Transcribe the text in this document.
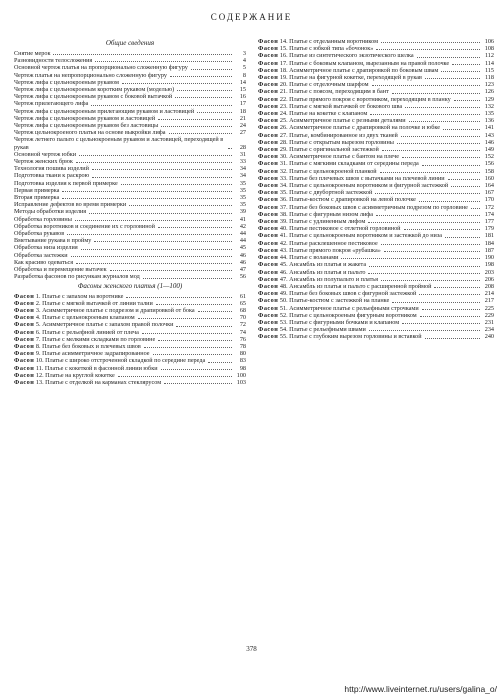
СОДЕРЖАНИЕ
Общие сведения
Снятие мерок	3
Разновидности телосложения	4
Основной чертеж платья на пропорционально сложенную фигуру	5
Чертеж платья на непропорционально сложенную фигуру	8
Чертеж лифа с цельнокроеным рукавом	14
Чертеж лифа с цельнокроеным коротким рукавом (моделью)	15
Чертеж лифа с цельнокроеным рукавом с боковой вытачкой	16
Чертеж прилегающего лифа	17
Чертеж лифа с цельнокроеным прилегающим рукавом и ластовицей	18
Чертеж лифа с цельнокроеным рукавом и ластовицей	21
Чертеж лифа с цельнокроеным рукавом без ластовицы	24
Чертеж цельнокроеного платья на основе выкройки лифа	27
Чертеж летнего пальто с цельнокроеным рукавом и ластовицей, переходящей в рукав	28
Основной чертеж юбки	31
Чертеж женских брюк	33
Технология пошива изделий	34
Подготовка ткани к раскрою	34
Подготовка изделия к первой примерке	35
Первая примерка	35
Вторая примерка	35
Исправление дефектов во время примерки	35
Методы обработки изделия	39
Обработка горловины	41
Обработка воротников и соединение их с горловиной	42
Обработка рукавов	44
Вметывание рукава в пройму	44
Обработка низа изделия	45
Обработка застежки	46
Как красиво одеваться	46
Обработка и перемещение вытачек	47
Разработка фасонов по рисункам журналов мод	56
Фасоны женского платья (1—100)
Фасон 1. Платье с запахом на воротнике	61
Фасон 2. Платье с мягкой вытачкой от линии талии	65
Фасон 3. Асимметричное платье с подрезом и драпировкой от бока	68
Фасон 4. Платье с цельнокроеным клапаном	70
Фасон 5. Асимметричное платье с запахом правой полочки	72
Фасон 6. Платье с рельефной линией от плеча	74
Фасон 7. Платье с мелкими складками по горловине	76
Фасон 8. Платье без боковых и плечевых швов	78
Фасон 9. Платье асимметричное задрапированное	80
Фасон 10. Платье с широко отстроченной складкой по середине переда	83
Фасон 11. Платье с кокеткой в фасонной линии юбки	98
Фасон 12. Платье на круглой кокетке	100
Фасон 13. Платье с отделкой на карманах стеклярусом	103
Фасон 14. Платье с отделанным воротником	106
Фасон 15. Платье с юбкой типа «бочонок»	108
Фасон 16. Платье из синтетического экзотического шелка	112
Фасон 17. Платье с боковым клапаном, вырезанным на правой полочке	114
Фасон 18. Асимметричное платье с драпировкой по боковым швам	115
Фасон 19. Платье на фигурной кокетке, переходящей в рукав	118
Фасон 20. Платье с отделочным шарфом	123
Фасон 21. Платье с поясом, переходящим в бант	126
Фасон 22. Платье прямого покроя с воротником, переходящим в планку	129
Фасон 23. Платье с мягкой вытачкой от бокового шва	132
Фасон 24. Платье на кокетке с клапаном	135
Фасон 25. Асимметричное платье с резными деталями	136
Фасон 26. Асимметричное платье с драпировкой на полочке и юбке	141
Фасон 27. Платье, комбинированное из двух тканей	143
Фасон 28. Платье с открытым вырезом горловины	146
Фасон 29. Платье с оригинальной застежкой	149
Фасон 30. Асимметричное платье с бантом на плече	152
Фасон 31. Платье с мягкими складками от середины переда	156
Фасон 32. Платье с цельнокроеной планкой	158
Фасон 33. Платье без плечевых швов с вытачками на плечевой линии	160
Фасон 34. Платье с цельнокроеным воротником и фигурной застежкой	164
Фасон 35. Платье с двубортной застежкой	167
Фасон 36. Платье-костюм с драпировкой на левой полочке	170
Фасон 37. Платье без боковых швов с асимметричным подрезом по горловине	172
Фасон 38. Платье с фигурным низом лифа	174
Фасон 39. Платье с удлиненным лифом	177
Фасон 40. Платье пестиковое с отлетной горловиной	179
Фасон 41. Платье с цельнокроеным воротником и застежкой до низа	181
Фасон 42. Платье расклешенное пестиковое	184
Фасон 43. Платье прямого покроя «рубашка»	187
Фасон 44. Платье с воланами	190
Фасон 45. Ансамбль из платья и жакета	198
Фасон 46. Ансамбль из платья и пальто	203
Фасон 47. Ансамбль из полупальто и платья	206
Фасон 48. Ансамбль из платья и пальто с расширенной проймой	208
Фасон 49. Платье без боковых швов с фигурной застежкой	214
Фасон 50. Платье-костюм с застежкой на планке	217
Фасон 51. Асимметричное платье с рельефными строчками	225
Фасон 52. Платье с цельнокроеным фигурным воротником	229
Фасон 53. Платье с фигурными бочками и клапаном	231
Фасон 54. Платье с рельефными швами	234
Фасон 55. Платье с глубоким вырезом горловины и вставкой	240
378
http://www.liveinternet.ru/users/galina_o/
